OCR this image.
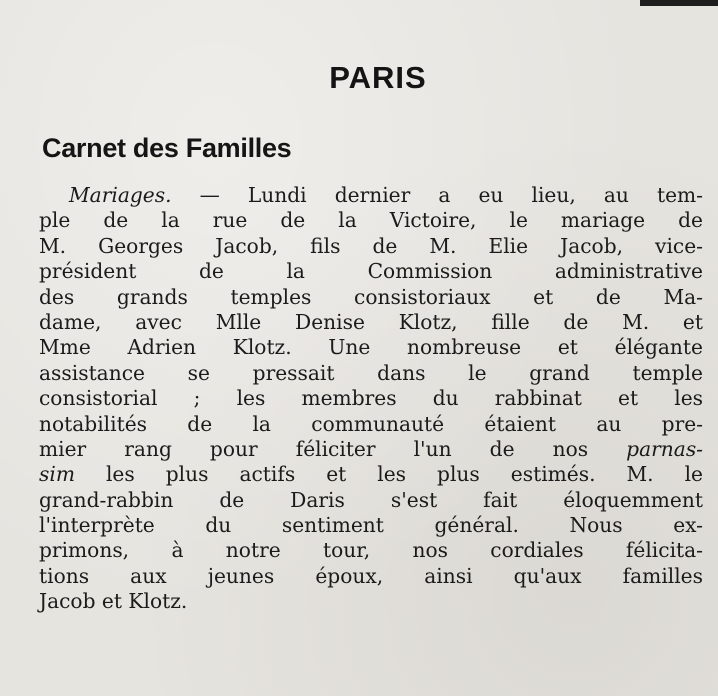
PARIS
Carnet des Familles
Mariages. — Lundi dernier a eu lieu, au tem-
ple de la rue de la Victoire, le mariage de
M. Georges Jacob, fils de M. Elie Jacob, vice-
président de la Commission administrative
des grands temples consistoriaux et de Ma-
dame, avec Mlle Denise Klotz, fille de M. et
Mme Adrien Klotz. Une nombreuse et élégante
assistance se pressait dans le grand temple
consistorial ; les membres du rabbinat et les
notabilités de la communauté étaient au pre-
mier rang pour féliciter l'un de nos parnas-
sim les plus actifs et les plus estimés. M. le
grand-rabbin de Daris s'est fait éloquemment
l'interprète du sentiment général. Nous ex-
primons, à notre tour, nos cordiales félicita-
tions aux jeunes époux, ainsi qu'aux familles
Jacob et Klotz.
